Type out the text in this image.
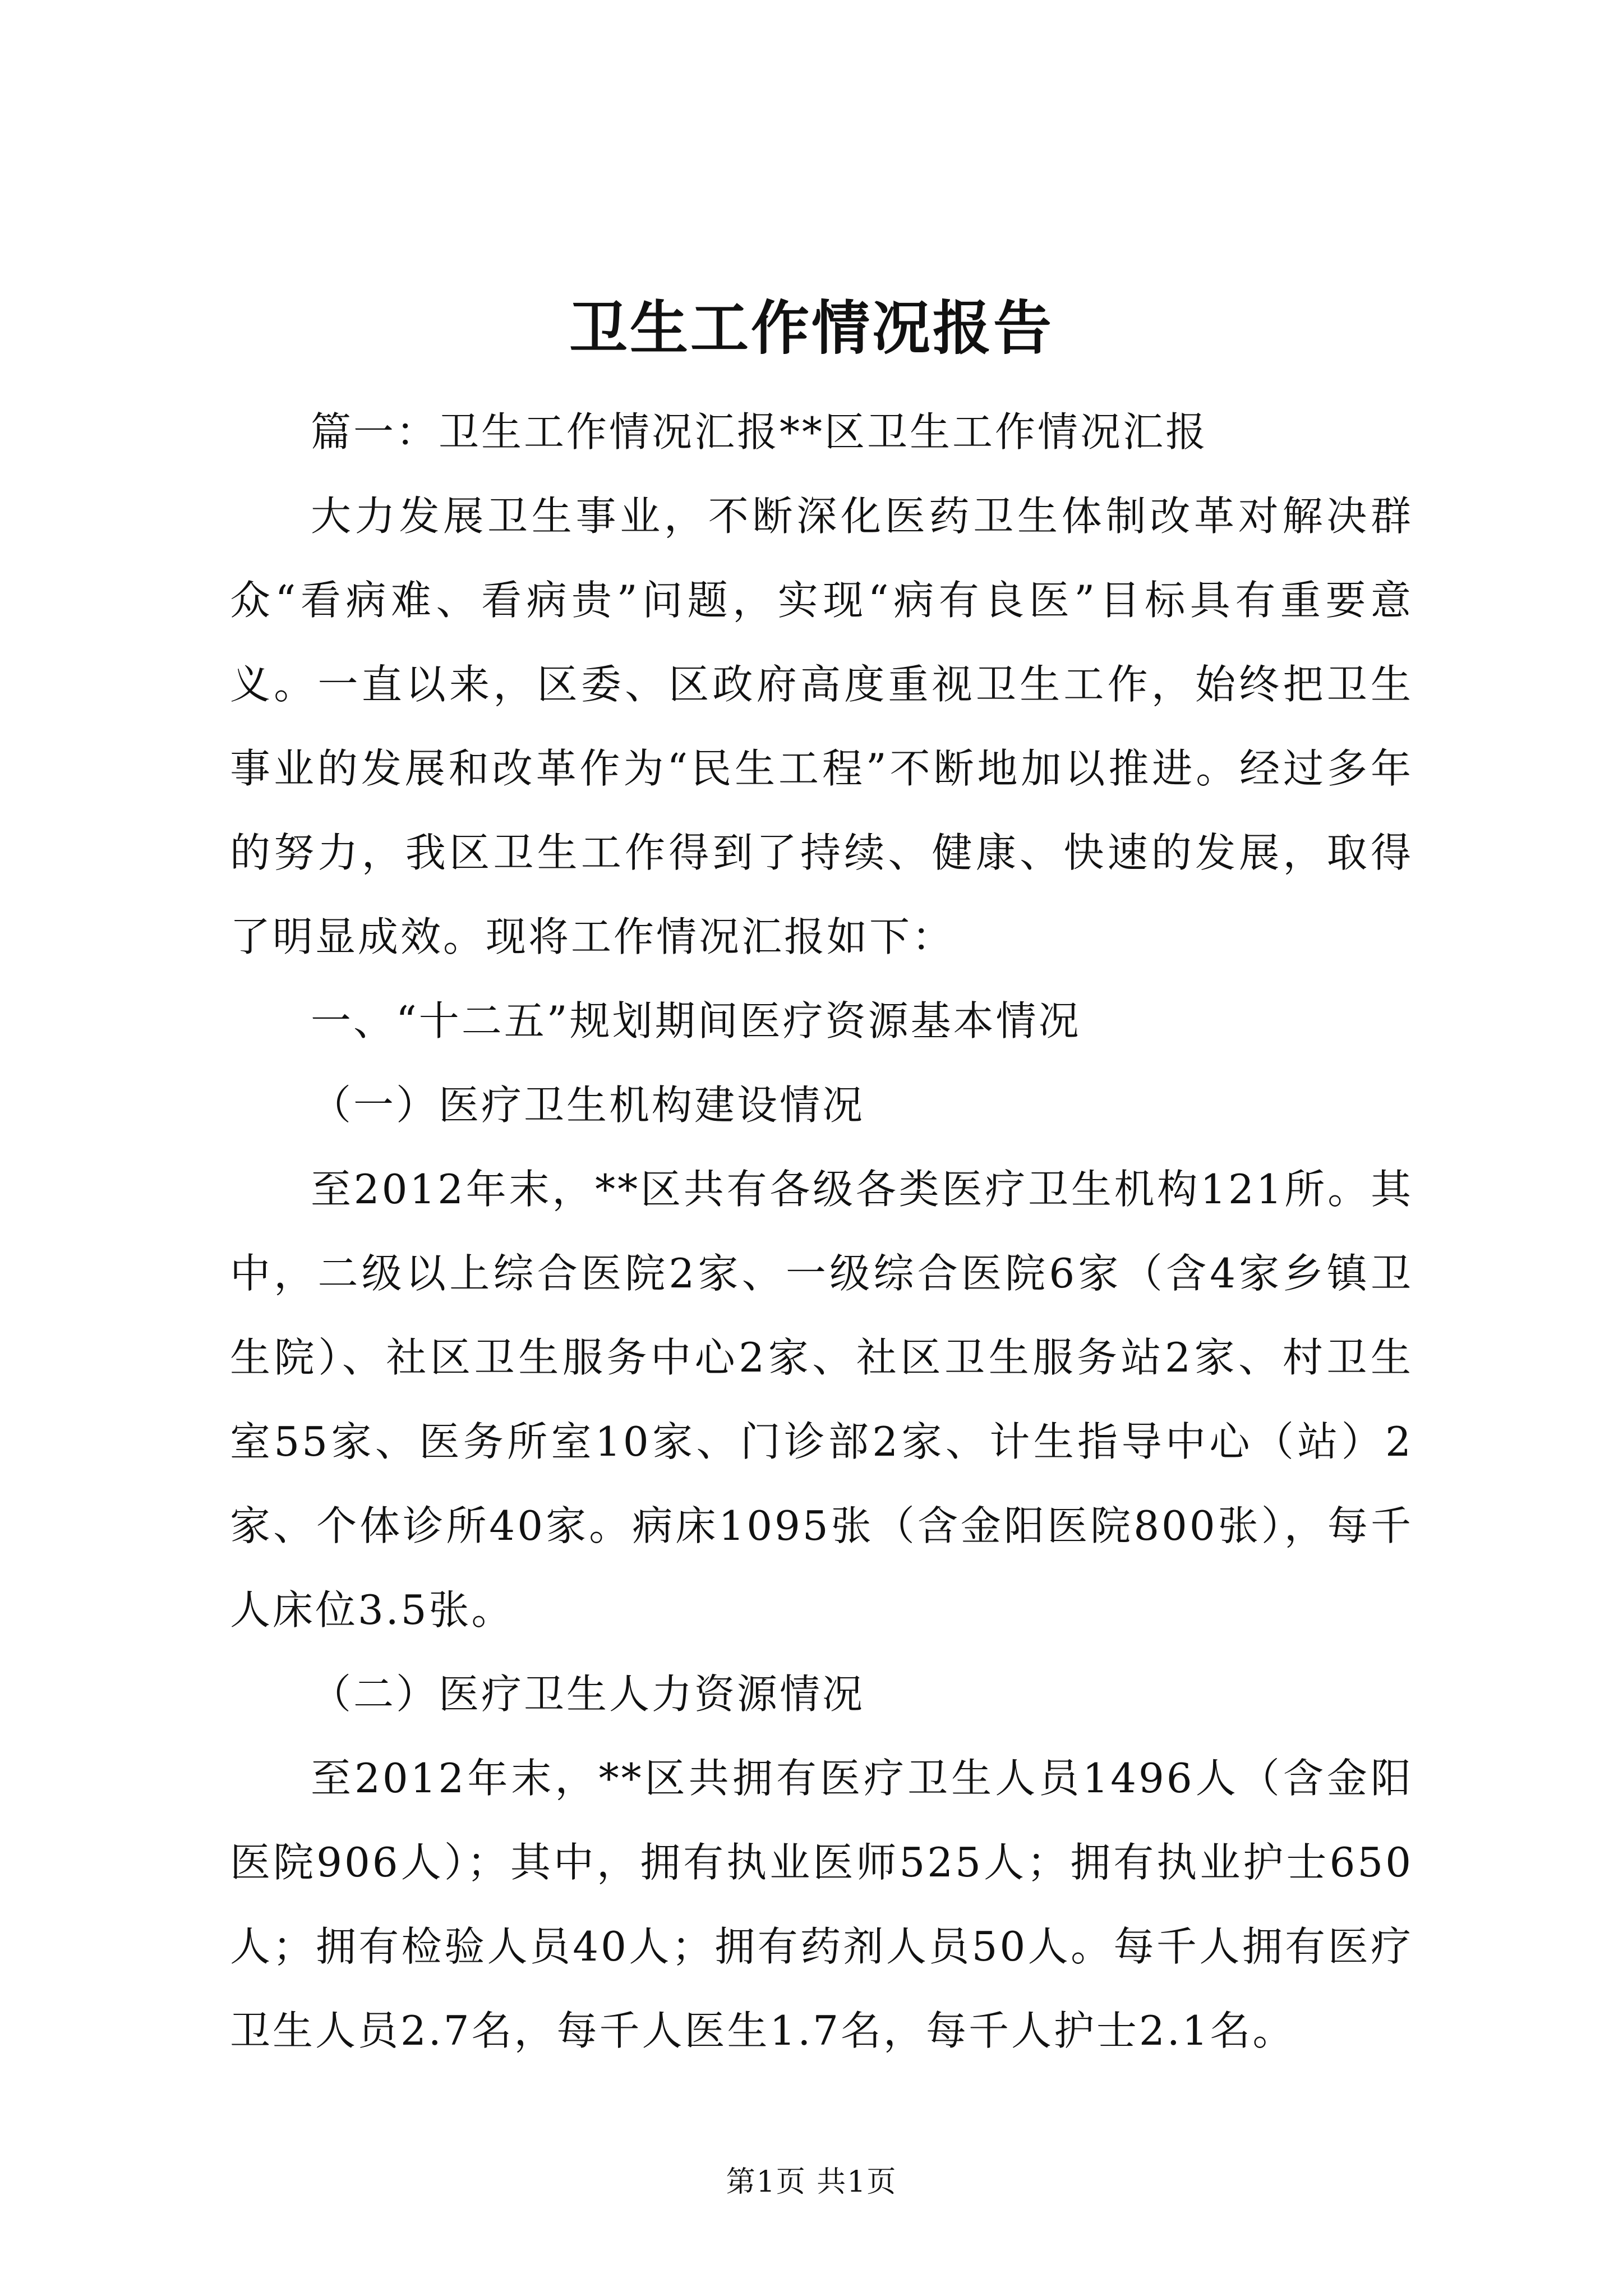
卫生工作情况报告

篇一：卫生工作情况汇报**区卫生工作情况汇报

大力发展卫生事业，不断深化医药卫生体制改革对解决群众“看病难、看病贵”问题，实现“病有良医”目标具有重要意义。一直以来，区委、区政府高度重视卫生工作，始终把卫生事业的发展和改革作为“民生工程”不断地加以推进。经过多年的努力，我区卫生工作得到了持续、健康、快速的发展，取得了明显成效。现将工作情况汇报如下：

一、“十二五”规划期间医疗资源基本情况

（一）医疗卫生机构建设情况

至2012年末，**区共有各级各类医疗卫生机构121所。其中，二级以上综合医院2家、一级综合医院6家（含4家乡镇卫生院）、社区卫生服务中心2家、社区卫生服务站2家、村卫生室55家、医务所室10家、门诊部2家、计生指导中心（站）2家、个体诊所40家。病床1095张（含金阳医院800张），每千人床位3.5张。

（二）医疗卫生人力资源情况

至2012年末，**区共拥有医疗卫生人员1496人（含金阳医院906人）；其中，拥有执业医师525人；拥有执业护士650人；拥有检验人员40人；拥有药剂人员50人。每千人拥有医疗卫生人员2.7名，每千人医生1.7名，每千人护士2.1名。

第1页 共1页
